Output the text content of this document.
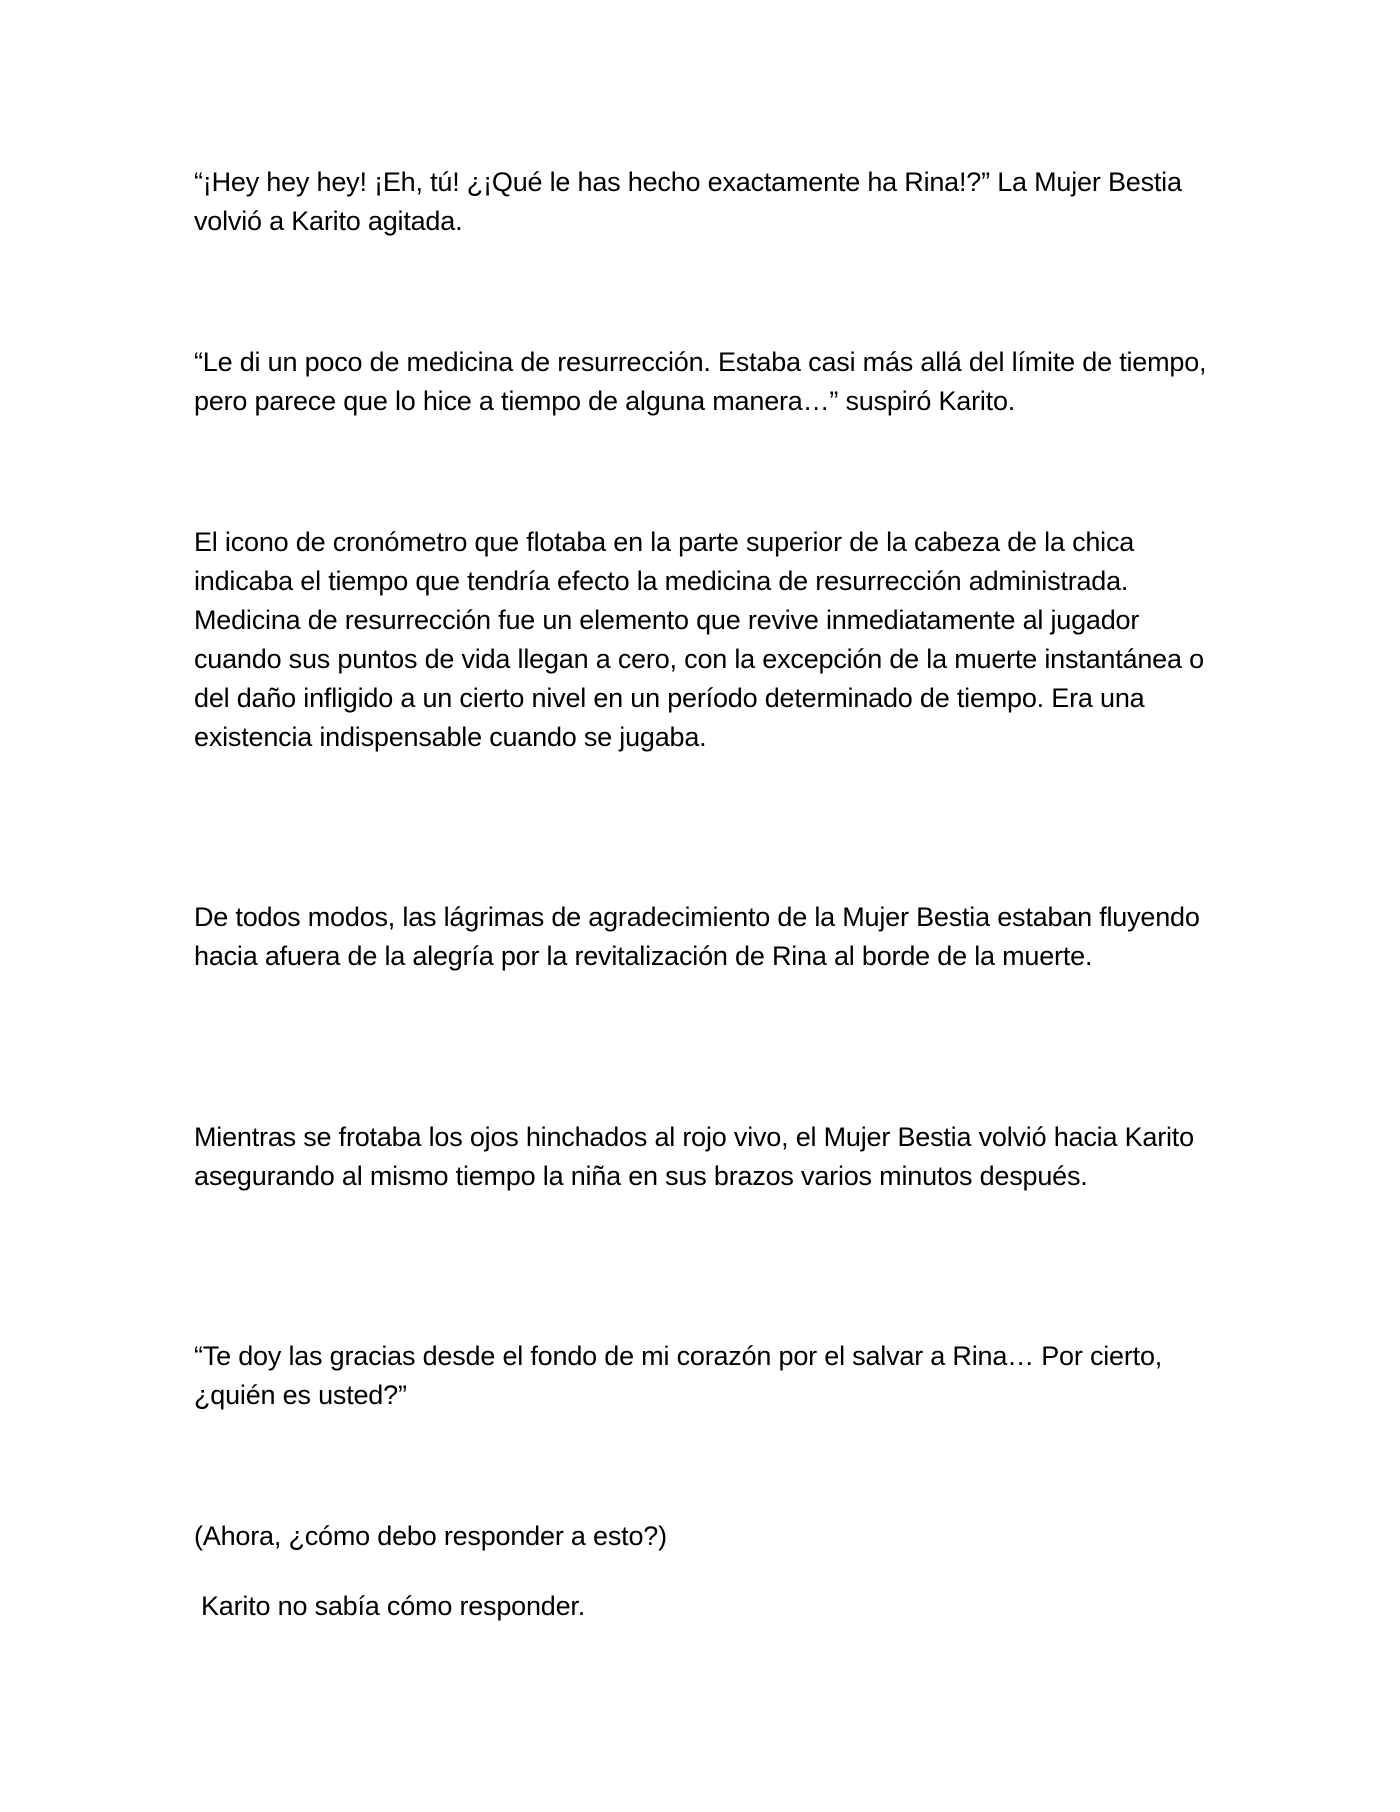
“¡Hey hey hey! ¡Eh, tú! ¿¡Qué le has hecho exactamente ha Rina!?” La Mujer Bestia volvió a Karito agitada.

“Le di un poco de medicina de resurrección. Estaba casi más allá del límite de tiempo, pero parece que lo hice a tiempo de alguna manera…” suspiró Karito.

El icono de cronómetro que flotaba en la parte superior de la cabeza de la chica indicaba el tiempo que tendría efecto la medicina de resurrección administrada. Medicina de resurrección fue un elemento que revive inmediatamente al jugador cuando sus puntos de vida llegan a cero, con la excepción de la muerte instantánea o del daño infligido a un cierto nivel en un período determinado de tiempo. Era una existencia indispensable cuando se jugaba.

De todos modos, las lágrimas de agradecimiento de la Mujer Bestia estaban fluyendo hacia afuera de la alegría por la revitalización de Rina al borde de la muerte.

Mientras se frotaba los ojos hinchados al rojo vivo, el Mujer Bestia volvió hacia Karito asegurando al mismo tiempo la niña en sus brazos varios minutos después.

“Te doy las gracias desde el fondo de mi corazón por el salvar a Rina… Por cierto, ¿quién es usted?”

(Ahora, ¿cómo debo responder a esto?)

Karito no sabía cómo responder.
